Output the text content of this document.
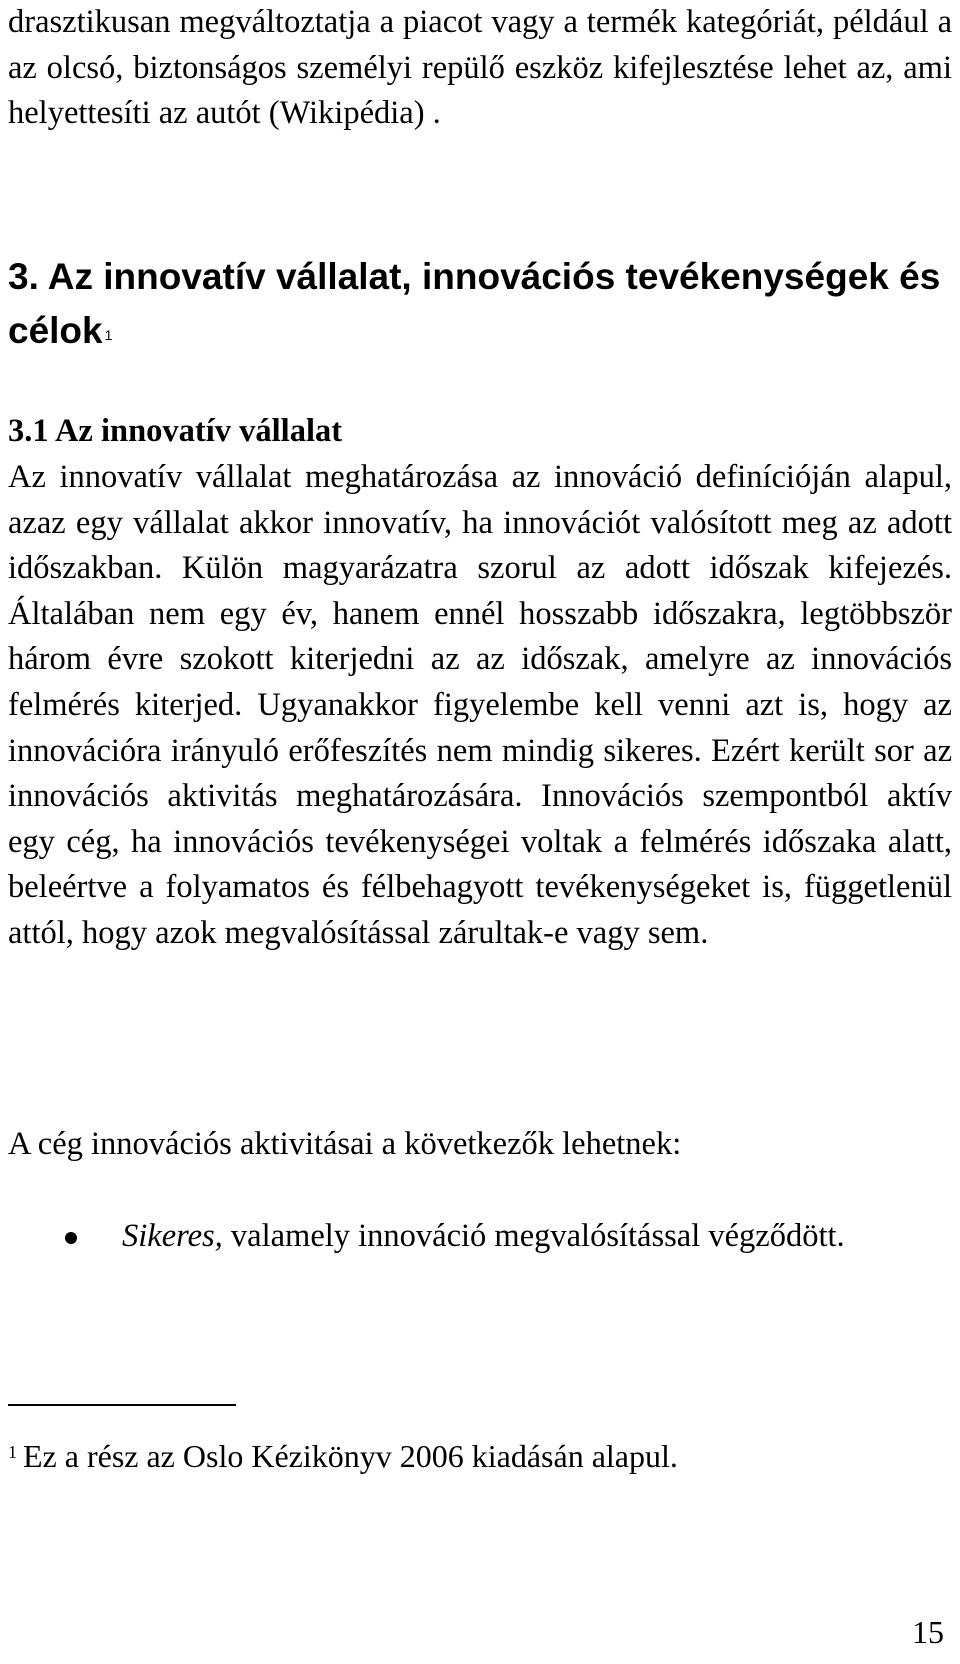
drasztikusan megváltoztatja a piacot vagy a termék kategóriát, például a az olcsó, biztonságos személyi repülő eszköz kifejlesztése lehet az, ami helyettesíti az autót (Wikipédia) .

3. Az innovatív vállalat, innovációs tevékenységek és célok $^1$
3.1 Az innovatív vállalat

Az innovatív vállalat meghatározása az innováció definícióján alapul, azaz egy vállalat akkor innovatív, ha innovációt valósított meg az adott időszakban. Külön magyarázatra szorul az adott időszak kifejezés. Általában nem egy év, hanem ennél hosszabb időszakra, legtöbbször három évre szokott kiterjedni az az időszak, amelyre az innovációs felmérés kiterjed. Ugyanakkor figyelembe kell venni azt is, hogy az innovációra irányuló erőfeszítés nem mindig sikeres. Ezért került sor az innovációs aktivitás meghatározására. Innovációs szempontból aktív egy cég, ha innovációs tevékenységei voltak a felmérés időszaka alatt, beleértve a folyamatos és félbehagyott tevékenységeket is, függetlenül attól, hogy azok megvalósítással zárultak-e vagy sem.

A cég innovációs aktivitásai a következők lehetnek:

Sikeres, valamely innováció megvalósítással végződött.

$^1$ Ez a rész az Oslo Kézikönyv 2006 kiadásán alapul.

15
